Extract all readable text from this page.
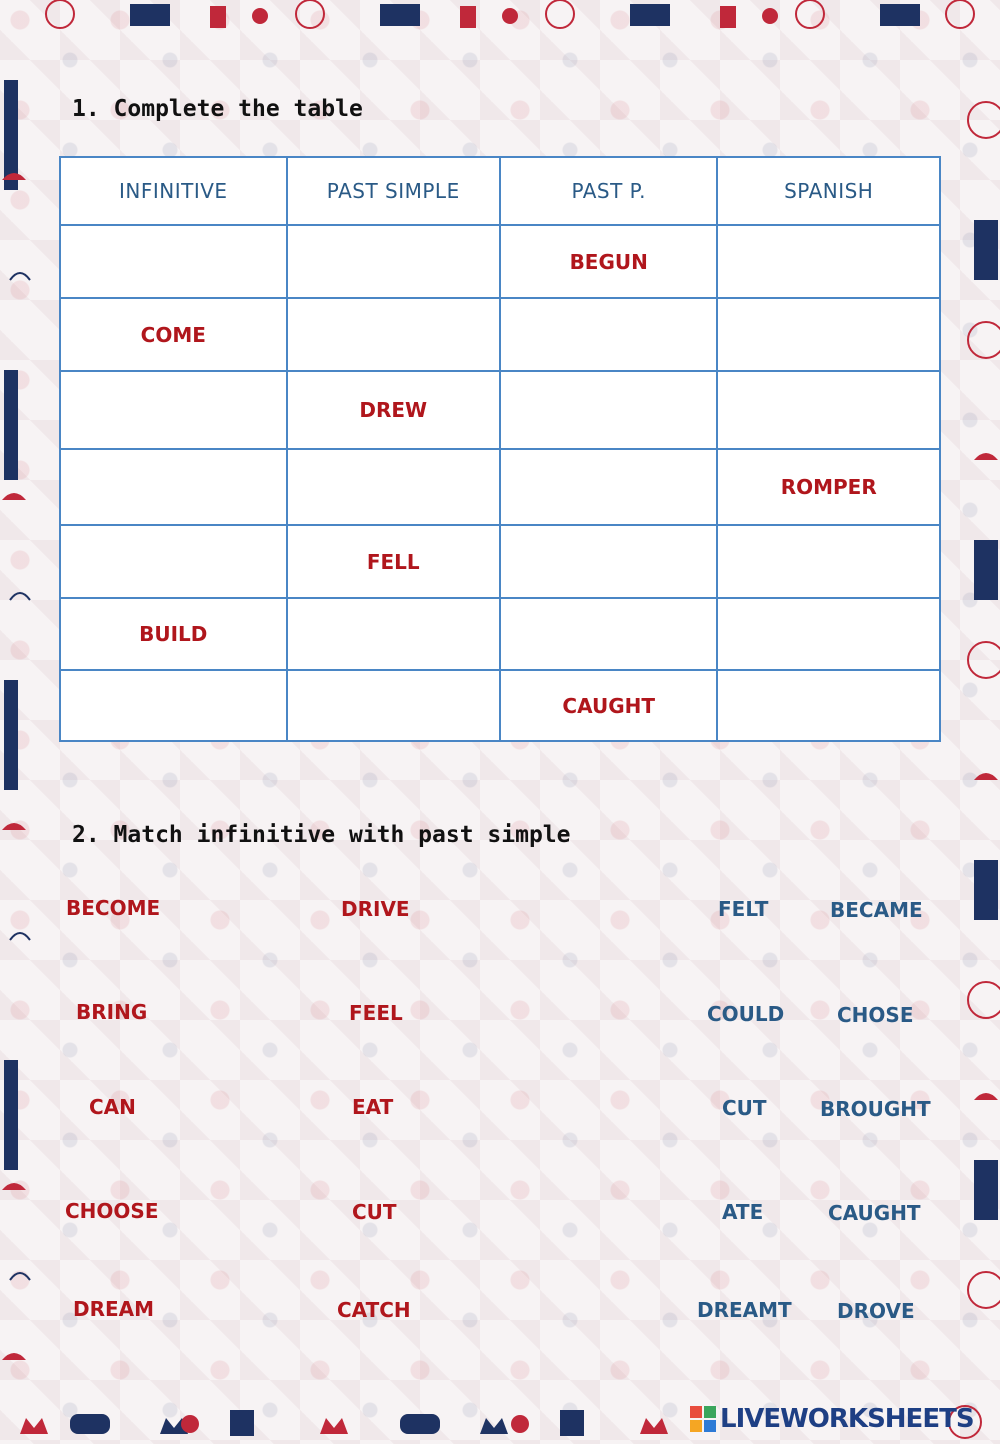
1. Complete the table
INFINITIVE	PAST SIMPLE	PAST P.	SPANISH
		BEGUN	
COME			
	DREW		
			ROMPER
	FELL		
BUILD			
		CAUGHT	
2. Match infinitive with past simple
BECOME
BRING
CAN
CHOOSE
DREAM
DRIVE
FEEL
EAT
CUT
CATCH
FELT
COULD
CUT
ATE
DREAMT
BECAME
CHOSE
BROUGHT
CAUGHT
DROVE
LIVEWORKSHEETS
